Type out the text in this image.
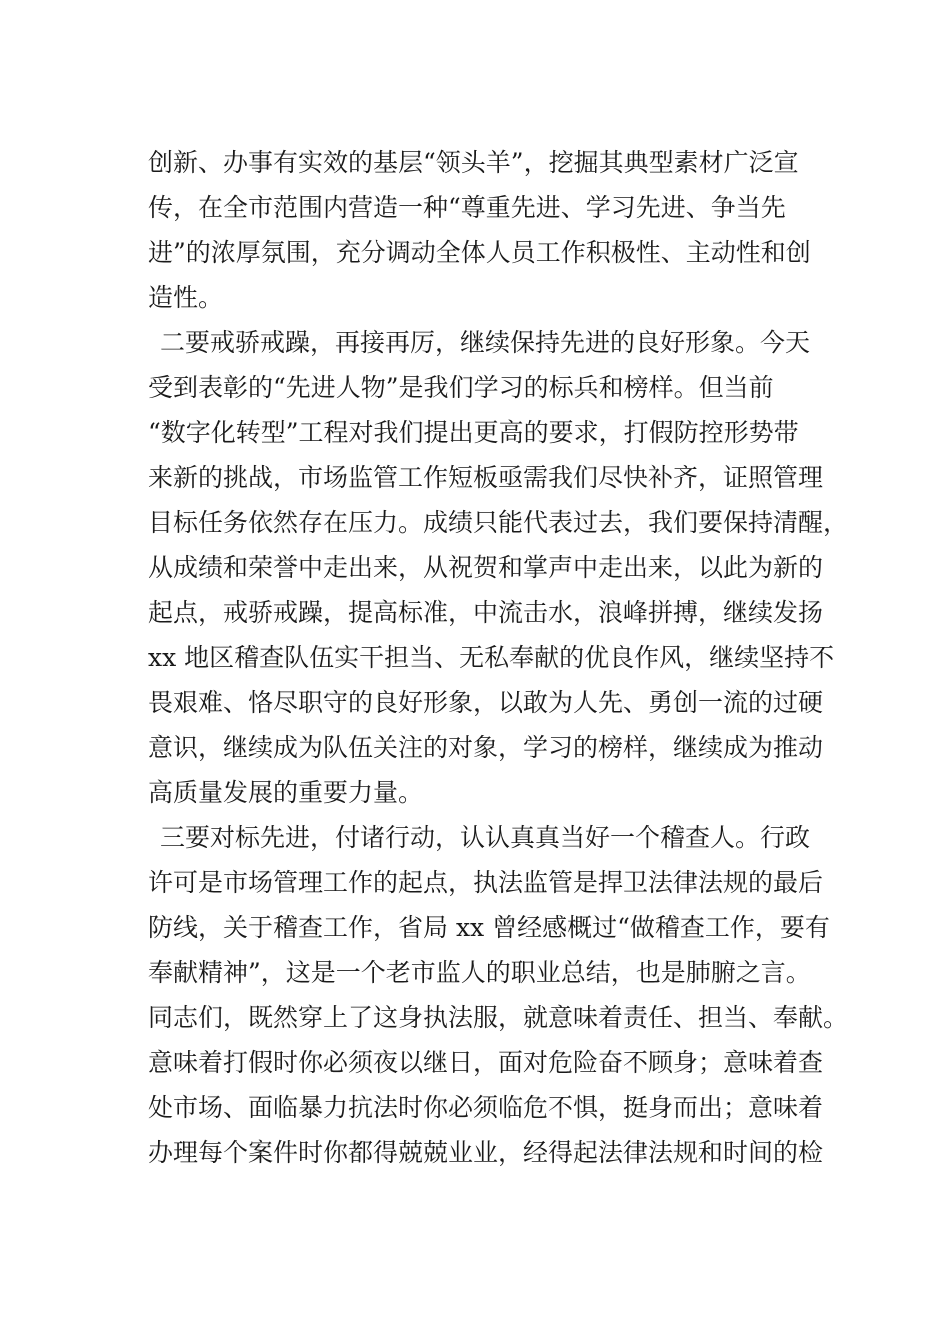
创新、办事有实效的基层“领头羊”，挖掘其典型素材广泛宣
传，在全市范围内营造一种“尊重先进、学习先进、争当先
进”的浓厚氛围，充分调动全体人员工作积极性、主动性和创
造性。
二要戒骄戒躁，再接再厉，继续保持先进的良好形象。今天
受到表彰的“先进人物”是我们学习的标兵和榜样。但当前
“数字化转型”工程对我们提出更高的要求，打假防控形势带
来新的挑战，市场监管工作短板亟需我们尽快补齐，证照管理
目标任务依然存在压力。成绩只能代表过去，我们要保持清醒，
从成绩和荣誉中走出来，从祝贺和掌声中走出来，以此为新的
起点，戒骄戒躁，提高标准，中流击水，浪峰拼搏，继续发扬
xx 地区稽查队伍实干担当、无私奉献的优良作风，继续坚持不
畏艰难、恪尽职守的良好形象，以敢为人先、勇创一流的过硬
意识，继续成为队伍关注的对象，学习的榜样，继续成为推动
高质量发展的重要力量。
三要对标先进，付诸行动，认认真真当好一个稽查人。行政
许可是市场管理工作的起点，执法监管是捍卫法律法规的最后
防线，关于稽查工作，省局 xx 曾经感概过“做稽查工作，要有
奉献精神”，这是一个老市监人的职业总结，也是肺腑之言。
同志们，既然穿上了这身执法服，就意味着责任、担当、奉献。
意味着打假时你必须夜以继日，面对危险奋不顾身；意味着查
处市场、面临暴力抗法时你必须临危不惧，挺身而出；意味着
办理每个案件时你都得兢兢业业，经得起法律法规和时间的检
